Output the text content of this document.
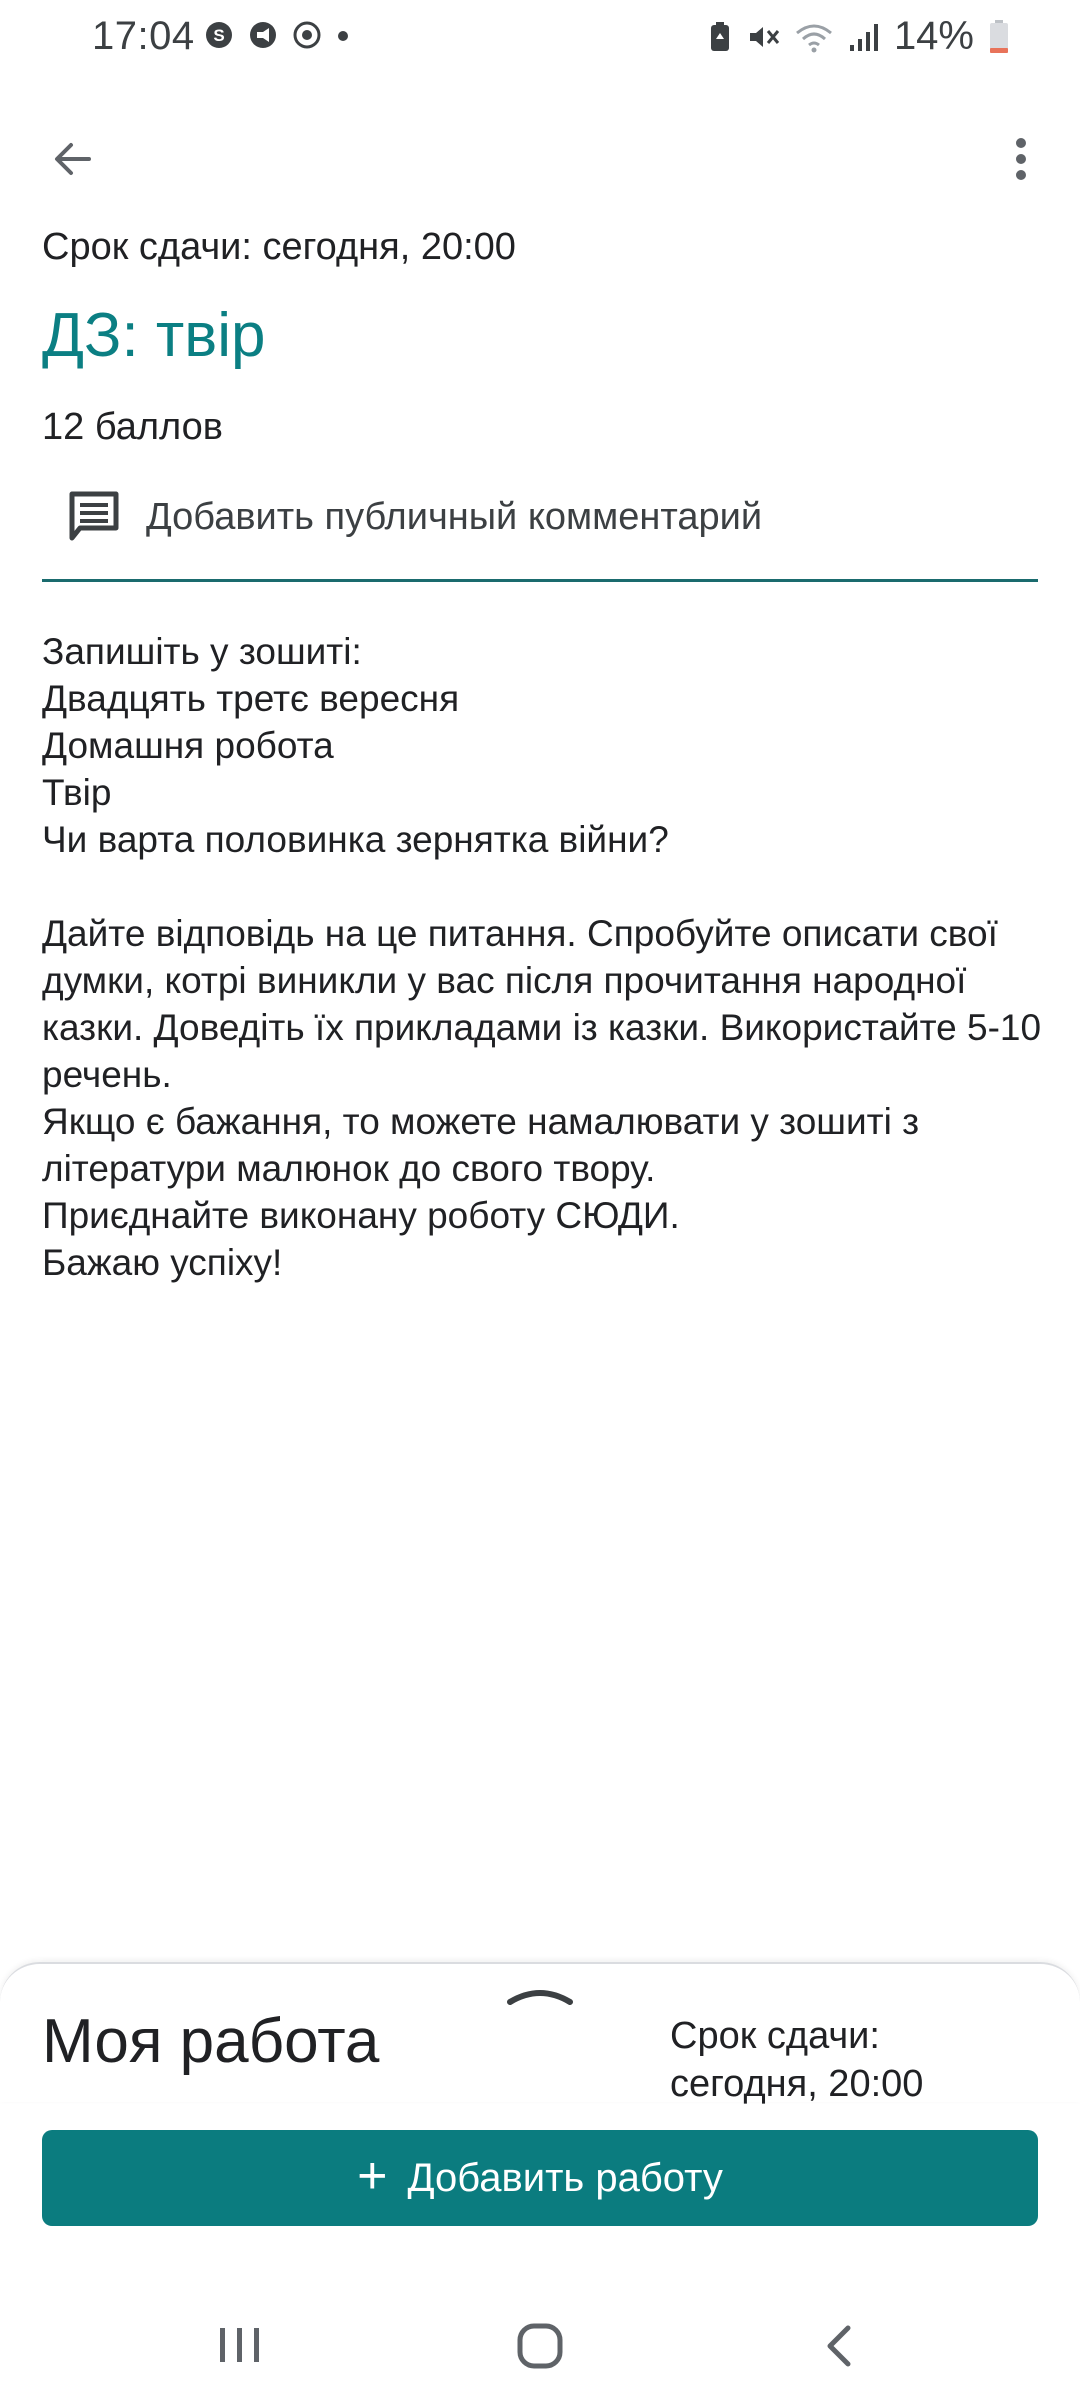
17:04 S	14%
Срок сдачи: сегодня, 20:00
ДЗ: твір
12 баллов
Добавить публичный комментарий
Запишіть у зошиті:
Двадцять третє вересня
Домашня робота
Твір
Чи варта половинка зернятка війни?

Дайте відповідь на це питання. Спробуйте описати свої думки, котрі виникли у вас після прочитання народної казки. Доведіть їх прикладами із казки. Використайте 5-10 речень.
Якщо є бажання, то можете намалювати у зошиті з літератури малюнок до свого твору.
Приєднайте виконану роботу СЮДИ.
Бажаю успіху!
Моя работа	Срок сдачи:
сегодня, 20:00
+ Добавить работу
